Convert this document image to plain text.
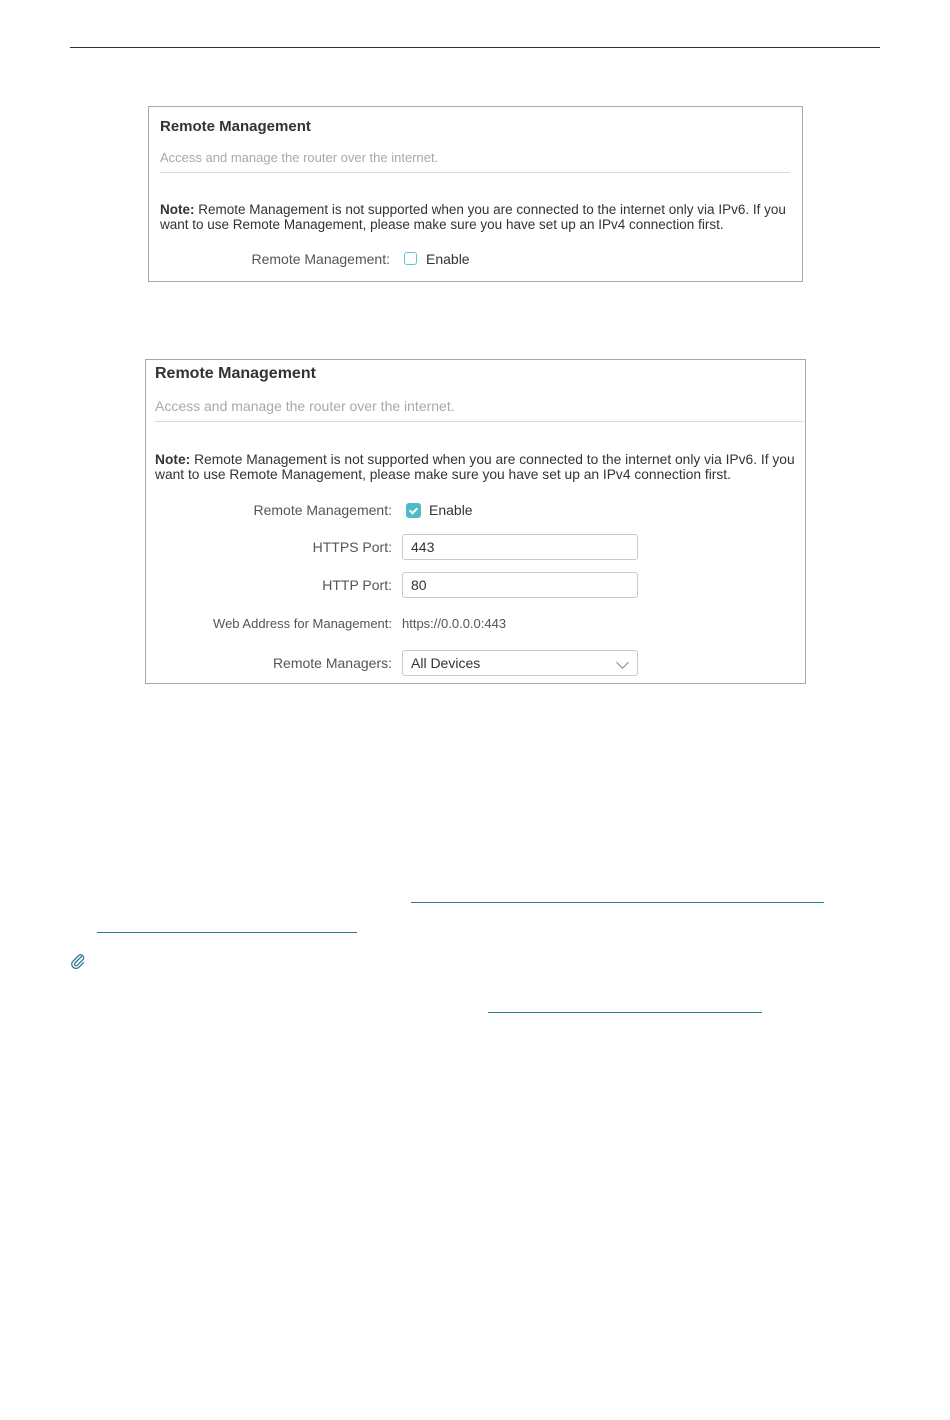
Remote Management
Access and manage the router over the internet.
Note: Remote Management is not supported when you are connected to the internet only via IPv6. If you want to use Remote Management, please make sure you have set up an IPv4 connection first.
Remote Management:	Enable
Remote Management
Access and manage the router over the internet.
Note: Remote Management is not supported when you are connected to the internet only via IPv6. If you want to use Remote Management, please make sure you have set up an IPv4 connection first.
Remote Management:	Enable
HTTPS Port:	443
HTTP Port:	80
Web Address for Management: https://0.0.0.0:443
Remote Managers:	All Devices
